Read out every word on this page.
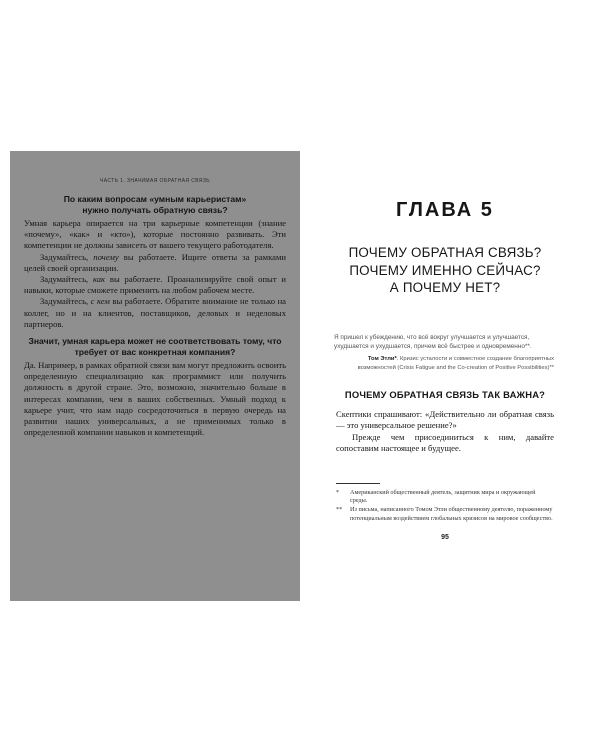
ЧАСТЬ 1. ЗНАЧИМАЯ ОБРАТНАЯ СВЯЗЬ
По каким вопросам «умным карьеристам»
нужно получать обратную связь?

Умная карьера опирается на три карьерные компетенции (знание «почему», «как» и «кто»), которые постоянно развивать. Эти компетенции не должны зависеть от вашего текущего работодателя.

Задумайтесь, почему вы работаете. Ищите ответы за рамками целей своей организации.

Задумайтесь, как вы работаете. Проанализируйте свой опыт и навыки, которые сможете применить на любом рабочем месте.

Задумайтесь, с кем вы работаете. Обратите внимание не только на коллег, но и на клиентов, поставщиков, деловых и неделовых партнеров.

Значит, умная карьера может не соответствовать тому, что
требует от вас конкретная компания?

Да. Например, в рамках обратной связи вам могут предложить освоить определенную специализацию как программист или получить должность в другой стране. Это, возможно, значительно больше в интересах компании, чем в ваших собственных. Умный подход к карьере учит, что нам надо сосредоточиться в первую очередь на развитии наших универсальных, а не применимых только в определенной компании навыков и компетенций.

ГЛАВА 5
ПОЧЕМУ ОБРАТНАЯ СВЯЗЬ?
ПОЧЕМУ ИМЕННО СЕЙЧАС?
А ПОЧЕМУ НЕТ?
Я пришел к убеждению, что всё вокруг улучшается и улучшается, ухудшается и ухудшается, причем всё быстрее и одновременно**.
Том Этли*. Кризис усталости и совместное создание благоприятных возможностей (Crisis Fatigue and the Co-creation of Positive Possibilities)**
ПОЧЕМУ ОБРАТНАЯ СВЯЗЬ ТАК ВАЖНА?

Скептики спрашивают: «Действительно ли обратная связь — это универсальное решение?»

Прежде чем присоединиться к ним, давайте сопоставим настоящее и будущее.

*	Американский общественный деятель, защитник мира и окружающей среды.
**	Из письма, написанного Томом Этли общественному деятелю, пораженному потенциальным воздействием глобальных кризисов на мировое сообщество.
95
